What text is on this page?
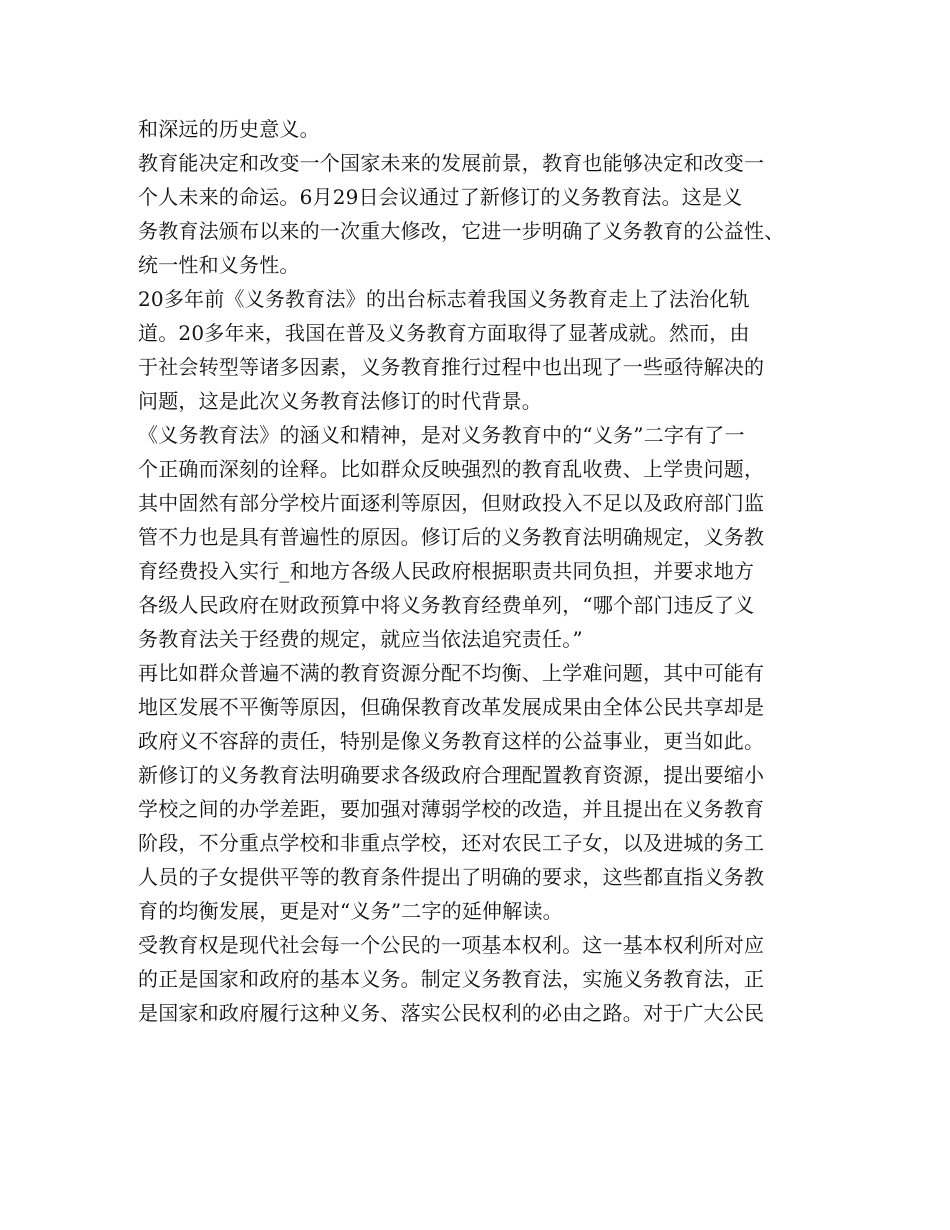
和深远的历史意义。
教育能决定和改变一个国家未来的发展前景，教育也能够决定和改变一
个人未来的命运。6月29日会议通过了新修订的义务教育法。这是义
务教育法颁布以来的一次重大修改，它进一步明确了义务教育的公益性、
统一性和义务性。
20多年前《义务教育法》的出台标志着我国义务教育走上了法治化轨
道。20多年来，我国在普及义务教育方面取得了显著成就。然而，由
于社会转型等诸多因素，义务教育推行过程中也出现了一些亟待解决的
问题，这是此次义务教育法修订的时代背景。
《义务教育法》的涵义和精神，是对义务教育中的“义务”二字有了一
个正确而深刻的诠释。比如群众反映强烈的教育乱收费、上学贵问题，
其中固然有部分学校片面逐利等原因，但财政投入不足以及政府部门监
管不力也是具有普遍性的原因。修订后的义务教育法明确规定，义务教
育经费投入实行_和地方各级人民政府根据职责共同负担，并要求地方
各级人民政府在财政预算中将义务教育经费单列，“哪个部门违反了义
务教育法关于经费的规定，就应当依法追究责任。”
再比如群众普遍不满的教育资源分配不均衡、上学难问题，其中可能有
地区发展不平衡等原因，但确保教育改革发展成果由全体公民共享却是
政府义不容辞的责任，特别是像义务教育这样的公益事业，更当如此。
新修订的义务教育法明确要求各级政府合理配置教育资源，提出要缩小
学校之间的办学差距，要加强对薄弱学校的改造，并且提出在义务教育
阶段，不分重点学校和非重点学校，还对农民工子女，以及进城的务工
人员的子女提供平等的教育条件提出了明确的要求，这些都直指义务教
育的均衡发展，更是对“义务”二字的延伸解读。
受教育权是现代社会每一个公民的一项基本权利。这一基本权利所对应
的正是国家和政府的基本义务。制定义务教育法，实施义务教育法，正
是国家和政府履行这种义务、落实公民权利的必由之路。对于广大公民
